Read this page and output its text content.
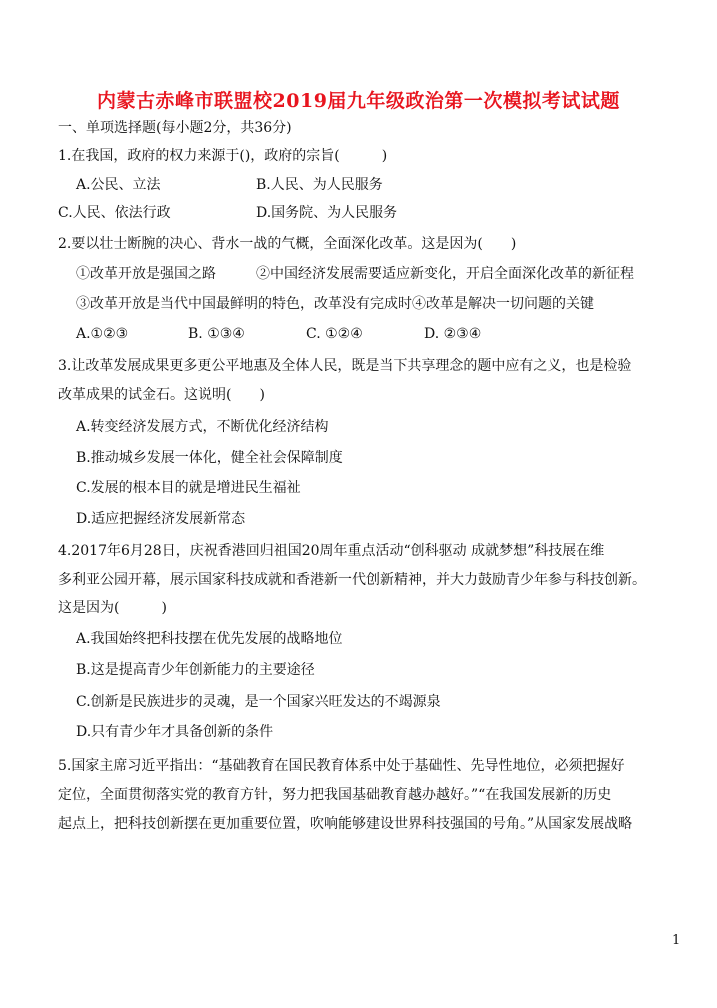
内蒙古赤峰市联盟校2019届九年级政治第一次模拟考试试题
一、单项选择题(每小题2分，共36分)
1.在我国，政府的权力来源于()，政府的宗旨(　　　)
A.公民、立法	B.人民、为人民服务
C.人民、依法行政	D.国务院、为人民服务
2.要以壮士断腕的决心、背水一战的气概，全面深化改革。这是因为(　　)
①改革开放是强国之路	②中国经济发展需要适应新变化，开启全面深化改革的新征程
③改革开放是当代中国最鲜明的特色，改革没有完成时④改革是解决一切问题的关键
A.①②③	B. ①③④	C. ①②④	D. ②③④
3.让改革发展成果更多更公平地惠及全体人民，既是当下共享理念的题中应有之义，也是检验
改革成果的试金石。这说明(　　)
A.转变经济发展方式，不断优化经济结构
B.推动城乡发展一体化，健全社会保障制度
C.发展的根本目的就是增进民生福祉
D.适应把握经济发展新常态
4.2017年6月28日，庆祝香港回归祖国20周年重点活动“创科驱动 成就梦想”科技展在维
多利亚公园开幕，展示国家科技成就和香港新一代创新精神，并大力鼓励青少年参与科技创新。
这是因为(　　　)
A.我国始终把科技摆在优先发展的战略地位
B.这是提高青少年创新能力的主要途径
C.创新是民族进步的灵魂，是一个国家兴旺发达的不竭源泉
D.只有青少年才具备创新的条件
5.国家主席习近平指出：“基础教育在国民教育体系中处于基础性、先导性地位，必须把握好
定位，全面贯彻落实党的教育方针，努力把我国基础教育越办越好。”“在我国发展新的历史
起点上，把科技创新摆在更加重要位置，吹响能够建设世界科技强国的号角。”从国家发展战略
1
